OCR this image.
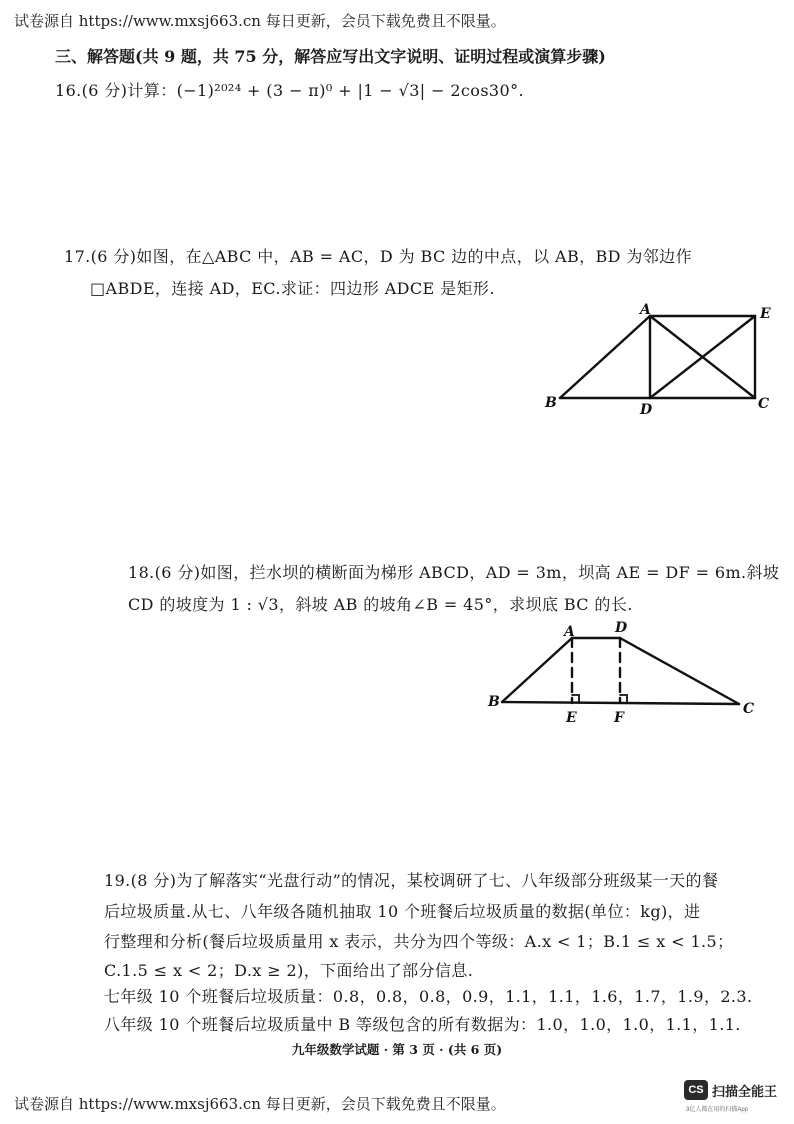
试卷源自 https://www.mxsj663.cn 每日更新，会员下载免费且不限量。
三、解答题(共 9 题，共 75 分，解答应写出文字说明、证明过程或演算步骤)
16.(6 分)计算：(−1)²⁰²⁴ + (3 − π)⁰ + |1 − √3| − 2cos30°.
17.(6 分)如图，在△ABC 中，AB = AC，D 为 BC 边的中点，以 AB，BD 为邻边作
□ABDE，连接 AD，EC.求证：四边形 ADCE 是矩形.
A	E
B	D	C
18.(6 分)如图，拦水坝的横断面为梯形 ABCD，AD = 3m，坝高 AE = DF = 6m.斜坡
CD 的坡度为 1 : √3，斜坡 AB 的坡角∠B = 45°，求坝底 BC 的长.
A	D
B
E	F
C
19.(8 分)为了解落实“光盘行动”的情况，某校调研了七、八年级部分班级某一天的餐
后垃圾质量.从七、八年级各随机抽取 10 个班餐后垃圾质量的数据(单位：kg)，进
行整理和分析(餐后垃圾质量用 x 表示，共分为四个等级：A.x < 1；B.1 ≤ x < 1.5；
C.1.5 ≤ x < 2；D.x ≥ 2)，下面给出了部分信息.
七年级 10 个班餐后垃圾质量：0.8，0.8，0.8，0.9，1.1，1.1，1.6，1.7，1.9，2.3.
八年级 10 个班餐后垃圾质量中 B 等级包含的所有数据为：1.0，1.0，1.0，1.1，1.1.
九年级数学试题 · 第 3 页 · (共 6 页)
试卷源自 https://www.mxsj663.cn 每日更新，会员下载免费且不限量。
CS 扫描全能王
3亿人都在用的扫描App
